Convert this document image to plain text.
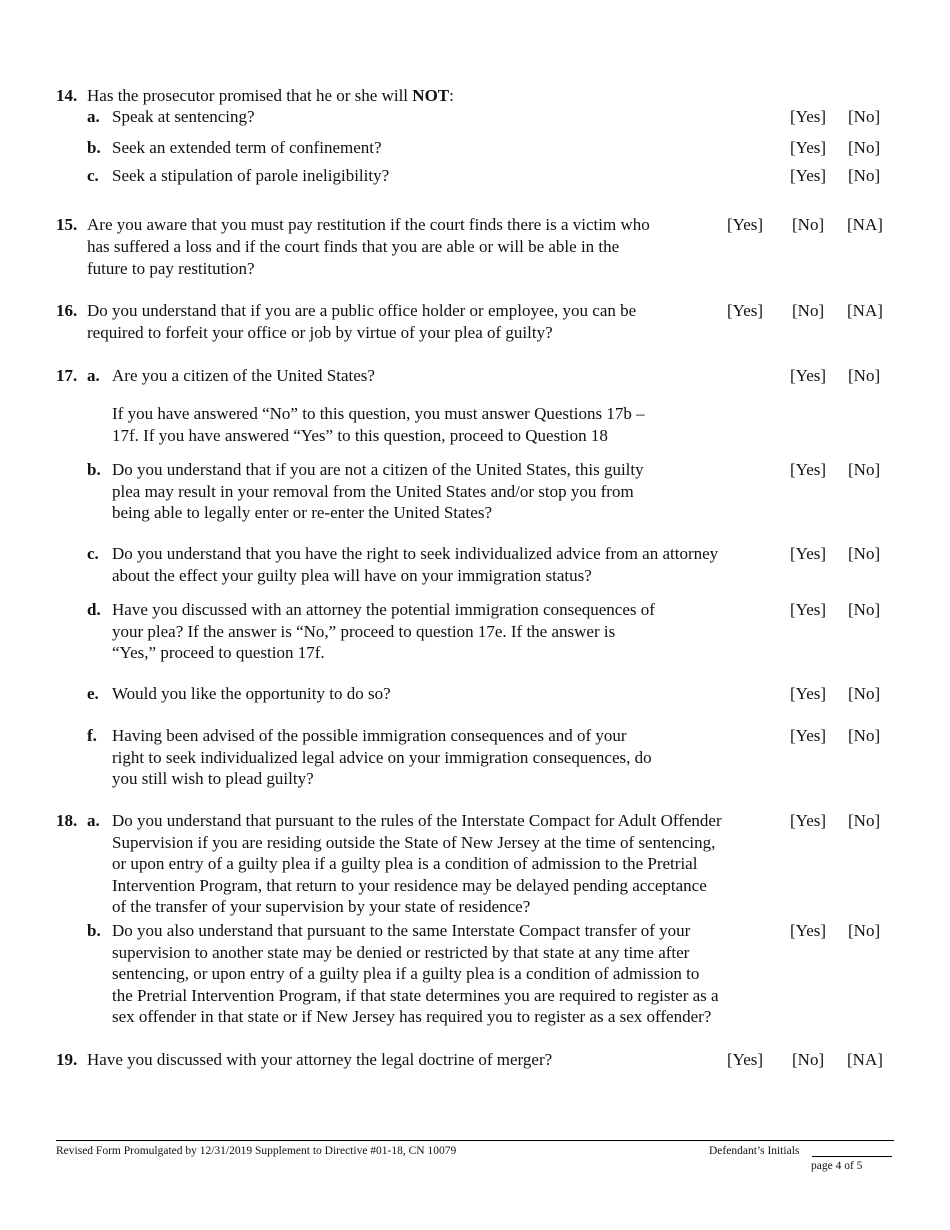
14. Has the prosecutor promised that he or she will NOT:
a. Speak at sentencing?	[Yes] [No]
b. Seek an extended term of confinement?	[Yes] [No]
c. Seek a stipulation of parole ineligibility?	[Yes] [No]
15. Are you aware that you must pay restitution if the court finds there is a victim who
has suffered a loss and if the court finds that you are able or will be able in the
future to pay restitution?
[Yes] [No] [NA]
16. Do you understand that if you are a public office holder or employee, you can be
required to forfeit your office or job by virtue of your plea of guilty?
[Yes] [No] [NA]
17. a. Are you a citizen of the United States?	[Yes] [No]
If you have answered “No” to this question, you must answer Questions 17b –
17f. If you have answered “Yes” to this question, proceed to Question 18
b. Do you understand that if you are not a citizen of the United States, this guilty
plea may result in your removal from the United States and/or stop you from
being able to legally enter or re-enter the United States?
[Yes] [No]
c. Do you understand that you have the right to seek individualized advice from an attorney
about the effect your guilty plea will have on your immigration status?
[Yes] [No]
d. Have you discussed with an attorney the potential immigration consequences of
your plea? If the answer is “No,” proceed to question 17e. If the answer is
“Yes,” proceed to question 17f.
[Yes] [No]
e. Would you like the opportunity to do so?	[Yes] [No]
f. Having been advised of the possible immigration consequences and of your
right to seek individualized legal advice on your immigration consequences, do
you still wish to plead guilty?
[Yes] [No]
18. a. Do you understand that pursuant to the rules of the Interstate Compact for Adult Offender
Supervision if you are residing outside the State of New Jersey at the time of sentencing,
or upon entry of a guilty plea if a guilty plea is a condition of admission to the Pretrial
Intervention Program, that return to your residence may be delayed pending acceptance
of the transfer of your supervision by your state of residence?
[Yes] [No]
b. Do you also understand that pursuant to the same Interstate Compact transfer of your
supervision to another state may be denied or restricted by that state at any time after
sentencing, or upon entry of a guilty plea if a guilty plea is a condition of admission to
the Pretrial Intervention Program, if that state determines you are required to register as a
sex offender in that state or if New Jersey has required you to register as a sex offender?
[Yes] [No]
19. Have you discussed with your attorney the legal doctrine of merger?	[Yes] [No] [NA]
Revised Form Promulgated by 12/31/2019 Supplement to Directive #01-18, CN 10079	Defendant’s Initials
page 4 of 5
